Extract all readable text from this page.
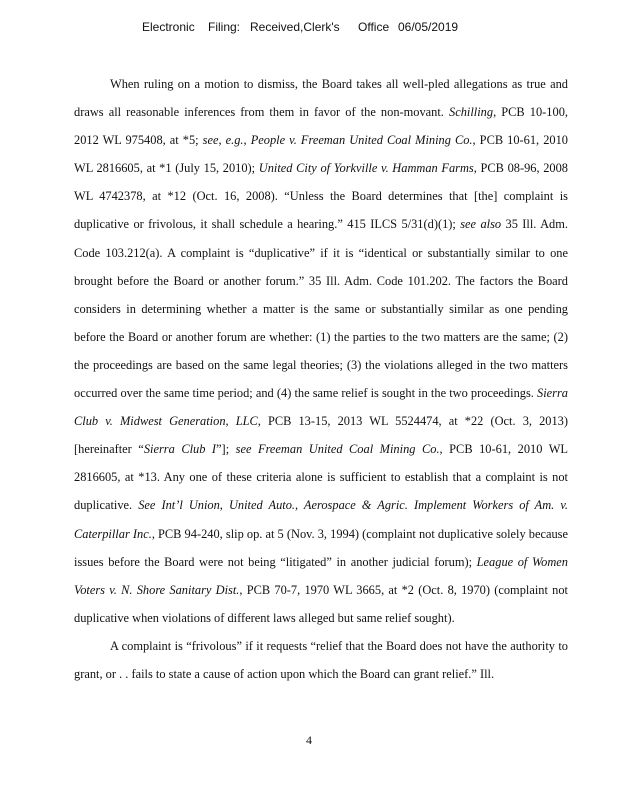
Electronic Filing: Received,Clerk's Office 06/05/2019

When ruling on a motion to dismiss, the Board takes all well-pled allegations as true and draws all reasonable inferences from them in favor of the non-movant. Schilling, PCB 10-100, 2012 WL 975408, at *5; see, e.g., People v. Freeman United Coal Mining Co., PCB 10-61, 2010 WL 2816605, at *1 (July 15, 2010); United City of Yorkville v. Hamman Farms, PCB 08-96, 2008 WL 4742378, at *12 (Oct. 16, 2008). “Unless the Board determines that [the] complaint is duplicative or frivolous, it shall schedule a hearing.” 415 ILCS 5/31(d)(1); see also 35 Ill. Adm. Code 103.212(a). A complaint is “duplicative” if it is “identical or substantially similar to one brought before the Board or another forum.” 35 Ill. Adm. Code 101.202. The factors the Board considers in determining whether a matter is the same or substantially similar as one pending before the Board or another forum are whether: (1) the parties to the two matters are the same; (2) the proceedings are based on the same legal theories; (3) the violations alleged in the two matters occurred over the same time period; and (4) the same relief is sought in the two proceedings. Sierra Club v. Midwest Generation, LLC, PCB 13-15, 2013 WL 5524474, at *22 (Oct. 3, 2013) [hereinafter “Sierra Club I”]; see Freeman United Coal Mining Co., PCB 10-61, 2010 WL 2816605, at *13. Any one of these criteria alone is sufficient to establish that a complaint is not duplicative. See Int’l Union, United Auto., Aerospace & Agric. Implement Workers of Am. v. Caterpillar Inc., PCB 94-240, slip op. at 5 (Nov. 3, 1994) (complaint not duplicative solely because issues before the Board were not being “litigated” in another judicial forum); League of Women Voters v. N. Shore Sanitary Dist., PCB 70-7, 1970 WL 3665, at *2 (Oct. 8, 1970) (complaint not duplicative when violations of different laws alleged but same relief sought).

A complaint is “frivolous” if it requests “relief that the Board does not have the authority to grant, or . . fails to state a cause of action upon which the Board can grant relief.” Ill.

4
